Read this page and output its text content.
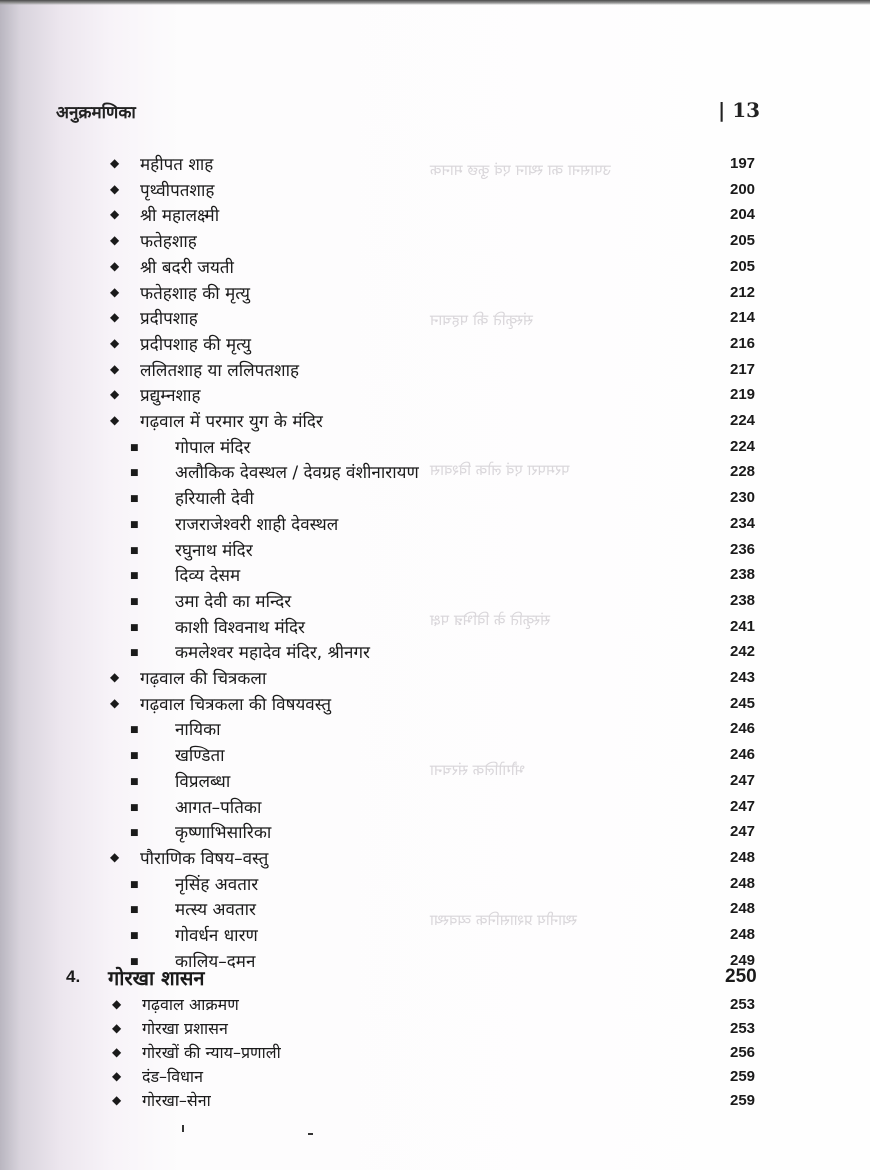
उपासना का स्थान एवं कुछ मानक
संस्कृति की पहचान
परमपरा एवं लोक विश्वास
संस्कृति के विभिन्न पक्ष
भौगोलिक संरचना
स्थानीय प्रशासनिक व्यवस्था
अनुक्रमणिका	| 13
◆
महीपत शाह	197
◆
पृथ्वीपतशाह	200
◆
श्री महालक्ष्मी	204
◆
फतेहशाह	205
◆
श्री बदरी जयती	205
◆
फतेहशाह की मृत्यु	212
◆
प्रदीपशाह	214
◆
प्रदीपशाह की मृत्यु	216
◆
ललितशाह या ललिपतशाह	217
◆
प्रद्युम्नशाह	219
◆
गढ़वाल में परमार युग के मंदिर	224
■
गोपाल मंदिर	224
■
अलौकिक देवस्थल / देवग्रह वंशीनारायण	228
■
हरियाली देवी	230
■
राजराजेश्वरी शाही देवस्थल	234
■
रघुनाथ मंदिर	236
■
दिव्य देसम	238
■
उमा देवी का मन्दिर	238
■
काशी विश्वनाथ मंदिर	241
■
कमलेश्वर महादेव मंदिर, श्रीनगर	242
◆
गढ़वाल की चित्रकला	243
◆
गढ़वाल चित्रकला की विषयवस्तु	245
■
नायिका	246
■
खण्डिता	246
■
विप्रलब्धा	247
■
आगत–पतिका	247
■
कृष्णाभिसारिका	247
◆
पौराणिक विषय–वस्तु	248
■
नृसिंह अवतार	248
■
मत्स्य अवतार	248
■
गोवर्धन धारण	248
■
कालिय–दमन	249
4. गोरखा शासन	250
◆
गढ़वाल आक्रमण	253
◆
गोरखा प्रशासन	253
◆
गोरखों की न्याय–प्रणाली	256
◆
दंड–विधान	259
◆
गोरखा–सेना	259
